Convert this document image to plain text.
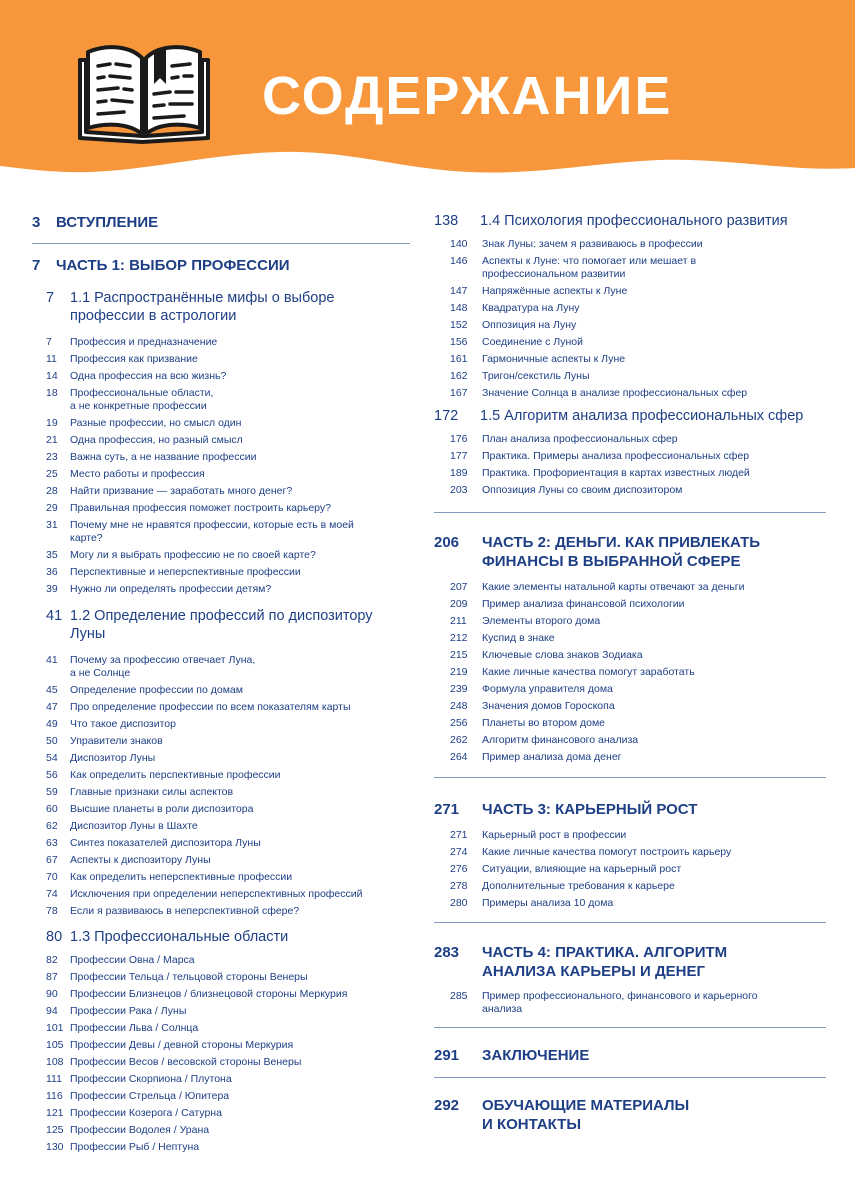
СОДЕРЖАНИЕ
3	ВСТУПЛЕНИЕ
7	ЧАСТЬ 1: ВЫБОР ПРОФЕССИИ
7	1.1 Распространённые мифы о выборе
профессии в астрологии
7	Профессия и предназначение
11	Профессия как призвание
14	Одна профессия на всю жизнь?
18	Профессиональные области,
а не конкретные профессии
19	Разные профессии, но смысл один
21	Одна профессия, но разный смысл
23	Важна суть, а не название профессии
25	Место работы и профессия
28	Найти призвание — заработать много денег?
29	Правильная профессия поможет построить карьеру?
31	Почему мне не нравятся профессии, которые есть в моей
карте?
35	Могу ли я выбрать профессию не по своей карте?
36	Перспективные и неперспективные профессии
39	Нужно ли определять профессии детям?
41 1.2 Определение профессий по диспозитору
Луны
41	Почему за профессию отвечает Луна,
а не Солнце
45	Определение профессии по домам
47	Про определение профессии по всем показателям карты
49	Что такое диспозитор
50	Управители знаков
54	Диспозитор Луны
56	Как определить перспективные профессии
59	Главные признаки силы аспектов
60	Высшие планеты в роли диспозитора
62	Диспозитор Луны в Шахте
63	Синтез показателей диспозитора Луны
67	Аспекты к диспозитору Луны
70	Как определить неперспективные профессии
74	Исключения при определении неперспективных профессий
78	Если я развиваюсь в неперспективной сфере?
80 1.3 Профессиональные области
82	Профессии Овна / Марса
87	Профессии Тельца / тельцовой стороны Венеры
90	Профессии Близнецов / близнецовой стороны Меркурия
94	Профессии Рака / Луны
101 Профессии Льва / Солнца
105 Профессии Девы / девной стороны Меркурия
108 Профессии Весов / весовской стороны Венеры
111 Профессии Скорпиона / Плутона
116 Профессии Стрельца / Юпитера
121 Профессии Козерога / Сатурна
125 Профессии Водолея / Урана
130 Профессии Рыб / Нептуна
138	1.4 Психология профессионального развития
140	Знак Луны: зачем я развиваюсь в профессии
146	Аспекты к Луне: что помогает или мешает в
профессиональном развитии
147	Напряжённые аспекты к Луне
148	Квадратура на Луну
152	Оппозиция на Луну
156	Соединение с Луной
161	Гармоничные аспекты к Луне
162	Тригон/секстиль Луны
167	Значение Солнца в анализе профессиональных сфер
172	1.5 Алгоритм анализа профессиональных сфер
176	План анализа профессиональных сфер
177	Практика. Примеры анализа профессиональных сфер
189	Практика. Профориентация в картах известных людей
203	Оппозиция Луны со своим диспозитором
206	ЧАСТЬ 2: ДЕНЬГИ. КАК ПРИВЛЕКАТЬ
ФИНАНСЫ В ВЫБРАННОЙ СФЕРЕ
207	Какие элементы натальной карты отвечают за деньги
209	Пример анализа финансовой психологии
211	Элементы второго дома
212	Куспид в знаке
215	Ключевые слова знаков Зодиака
219	Какие личные качества помогут заработать
239	Формула управителя дома
248	Значения домов Гороскопа
256	Планеты во втором доме
262	Алгоритм финансового анализа
264	Пример анализа дома денег
271	ЧАСТЬ 3: КАРЬЕРНЫЙ РОСТ
271	Карьерный рост в профессии
274	Какие личные качества помогут построить карьеру
276	Ситуации, влияющие на карьерный рост
278	Дополнительные требования к карьере
280	Примеры анализа 10 дома
283	ЧАСТЬ 4: ПРАКТИКА. АЛГОРИТМ
АНАЛИЗА КАРЬЕРЫ И ДЕНЕГ
285	Пример профессионального, финансового и карьерного
анализа
291	ЗАКЛЮЧЕНИЕ
292	ОБУЧАЮЩИЕ МАТЕРИАЛЫ
И КОНТАКТЫ
